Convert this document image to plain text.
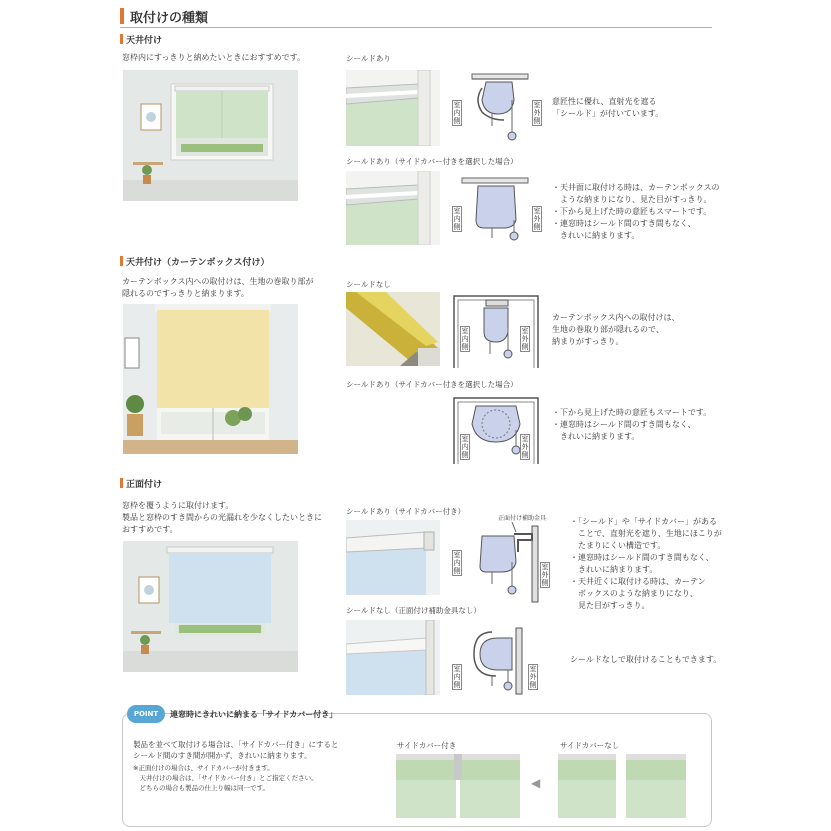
取付けの種類
天井付け
窓枠内にすっきりと納めたいときにおすすめです。	シールドあり
室内側
室外側
意匠性に優れ、直射光を遮る
「シールド」が付いています。
シールドあり（サイドカバー付きを選択した場合）
室内側
室外側
・天井面に取付ける時は、カーテンボックスの
　ような納まりになり、見た目がすっきり。
・下から見上げた時の意匠もスマートです。
・連窓時はシールド間のすき間もなく、
　きれいに納まります。
天井付け（カーテンボックス付け）
カーテンボックス内への取付けは、生地の巻取り部が
隠れるのですっきりと納まります。
シールドなし
室内側
室外側
カーテンボックス内への取付けは、
生地の巻取り部が隠れるので、
納まりがすっきり。
シールドあり（サイドカバー付きを選択した場合）
室内側
室外側
・下から見上げた時の意匠もスマートです。
・連窓時はシールド間のすき間もなく、
　きれいに納まります。
正面付け
窓枠を覆うように取付けます。
製品と窓枠のすき間からの光漏れを少なくしたいときに
おすすめです。
シールドあり（サイドカバー付き）
正面付け補助金具
室内側	室外側
・「シールド」や「サイドカバー」がある
　ことで、直射光を遮り、生地にほこりが
　たまりにくい構造です。
・連窓時はシールド間のすき間もなく、
　きれいに納まります。
・天井近くに取付ける時は、カーテン
　ボックスのような納まりになり、
　見た目がすっきり。
シールドなし（正面付け補助金具なし）
室内側
室外側
シールドなしで取付けることもできます。
POINT	連窓時にきれいに納まる「サイドカバー付き」
製品を並べて取付ける場合は、「サイドカバー付き」にすると
シールド間のすき間が開かず、きれいに納まります。
※正面付けの場合は、サイドカバーが付きます。
　天井付けの場合は、「サイドカバー付き」とご指定ください。
　どちらの場合も製品の仕上り幅は同一です。
サイドカバー付き
◀
サイドカバーなし
